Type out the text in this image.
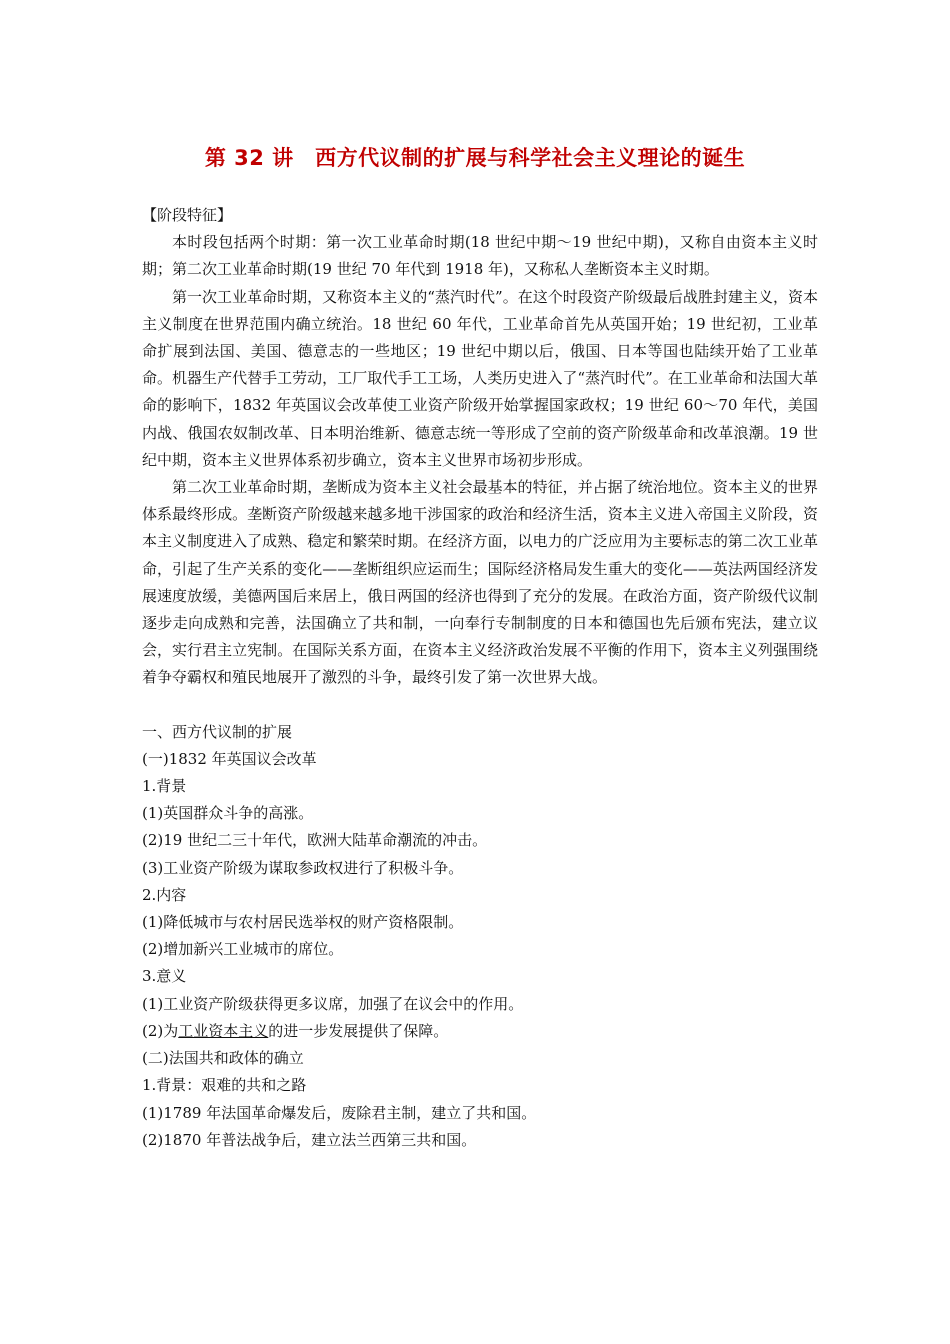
第 32 讲　西方代议制的扩展与科学社会主义理论的诞生

【阶段特征】

本时段包括两个时期：第一次工业革命时期(18 世纪中期～19 世纪中期)，又称自由资本主义时期；第二次工业革命时期(19 世纪 70 年代到 1918 年)，又称私人垄断资本主义时期。

第一次工业革命时期，又称资本主义的“蒸汽时代”。在这个时段资产阶级最后战胜封建主义，资本主义制度在世界范围内确立统治。18 世纪 60 年代，工业革命首先从英国开始；19 世纪初，工业革命扩展到法国、美国、德意志的一些地区；19 世纪中期以后，俄国、日本等国也陆续开始了工业革命。机器生产代替手工劳动，工厂取代手工工场，人类历史进入了“蒸汽时代”。在工业革命和法国大革命的影响下，1832 年英国议会改革使工业资产阶级开始掌握国家政权；19 世纪 60～70 年代，美国内战、俄国农奴制改革、日本明治维新、德意志统一等形成了空前的资产阶级革命和改革浪潮。19 世纪中期，资本主义世界体系初步确立，资本主义世界市场初步形成。

第二次工业革命时期，垄断成为资本主义社会最基本的特征，并占据了统治地位。资本主义的世界体系最终形成。垄断资产阶级越来越多地干涉国家的政治和经济生活，资本主义进入帝国主义阶段，资本主义制度进入了成熟、稳定和繁荣时期。在经济方面，以电力的广泛应用为主要标志的第二次工业革命，引起了生产关系的变化——垄断组织应运而生；国际经济格局发生重大的变化——英法两国经济发展速度放缓，美德两国后来居上，俄日两国的经济也得到了充分的发展。在政治方面，资产阶级代议制逐步走向成熟和完善，法国确立了共和制，一向奉行专制制度的日本和德国也先后颁布宪法，建立议会，实行君主立宪制。在国际关系方面，在资本主义经济政治发展不平衡的作用下，资本主义列强围绕着争夺霸权和殖民地展开了激烈的斗争，最终引发了第一次世界大战。

一、西方代议制的扩展

(一)1832 年英国议会改革

1.背景

(1)英国群众斗争的高涨。

(2)19 世纪二三十年代，欧洲大陆革命潮流的冲击。

(3)工业资产阶级为谋取参政权进行了积极斗争。

2.内容

(1)降低城市与农村居民选举权的财产资格限制。

(2)增加新兴工业城市的席位。

3.意义

(1)工业资产阶级获得更多议席，加强了在议会中的作用。

(2)为工业资本主义的进一步发展提供了保障。

(二)法国共和政体的确立

1.背景：艰难的共和之路

(1)1789 年法国革命爆发后，废除君主制，建立了共和国。

(2)1870 年普法战争后，建立法兰西第三共和国。
